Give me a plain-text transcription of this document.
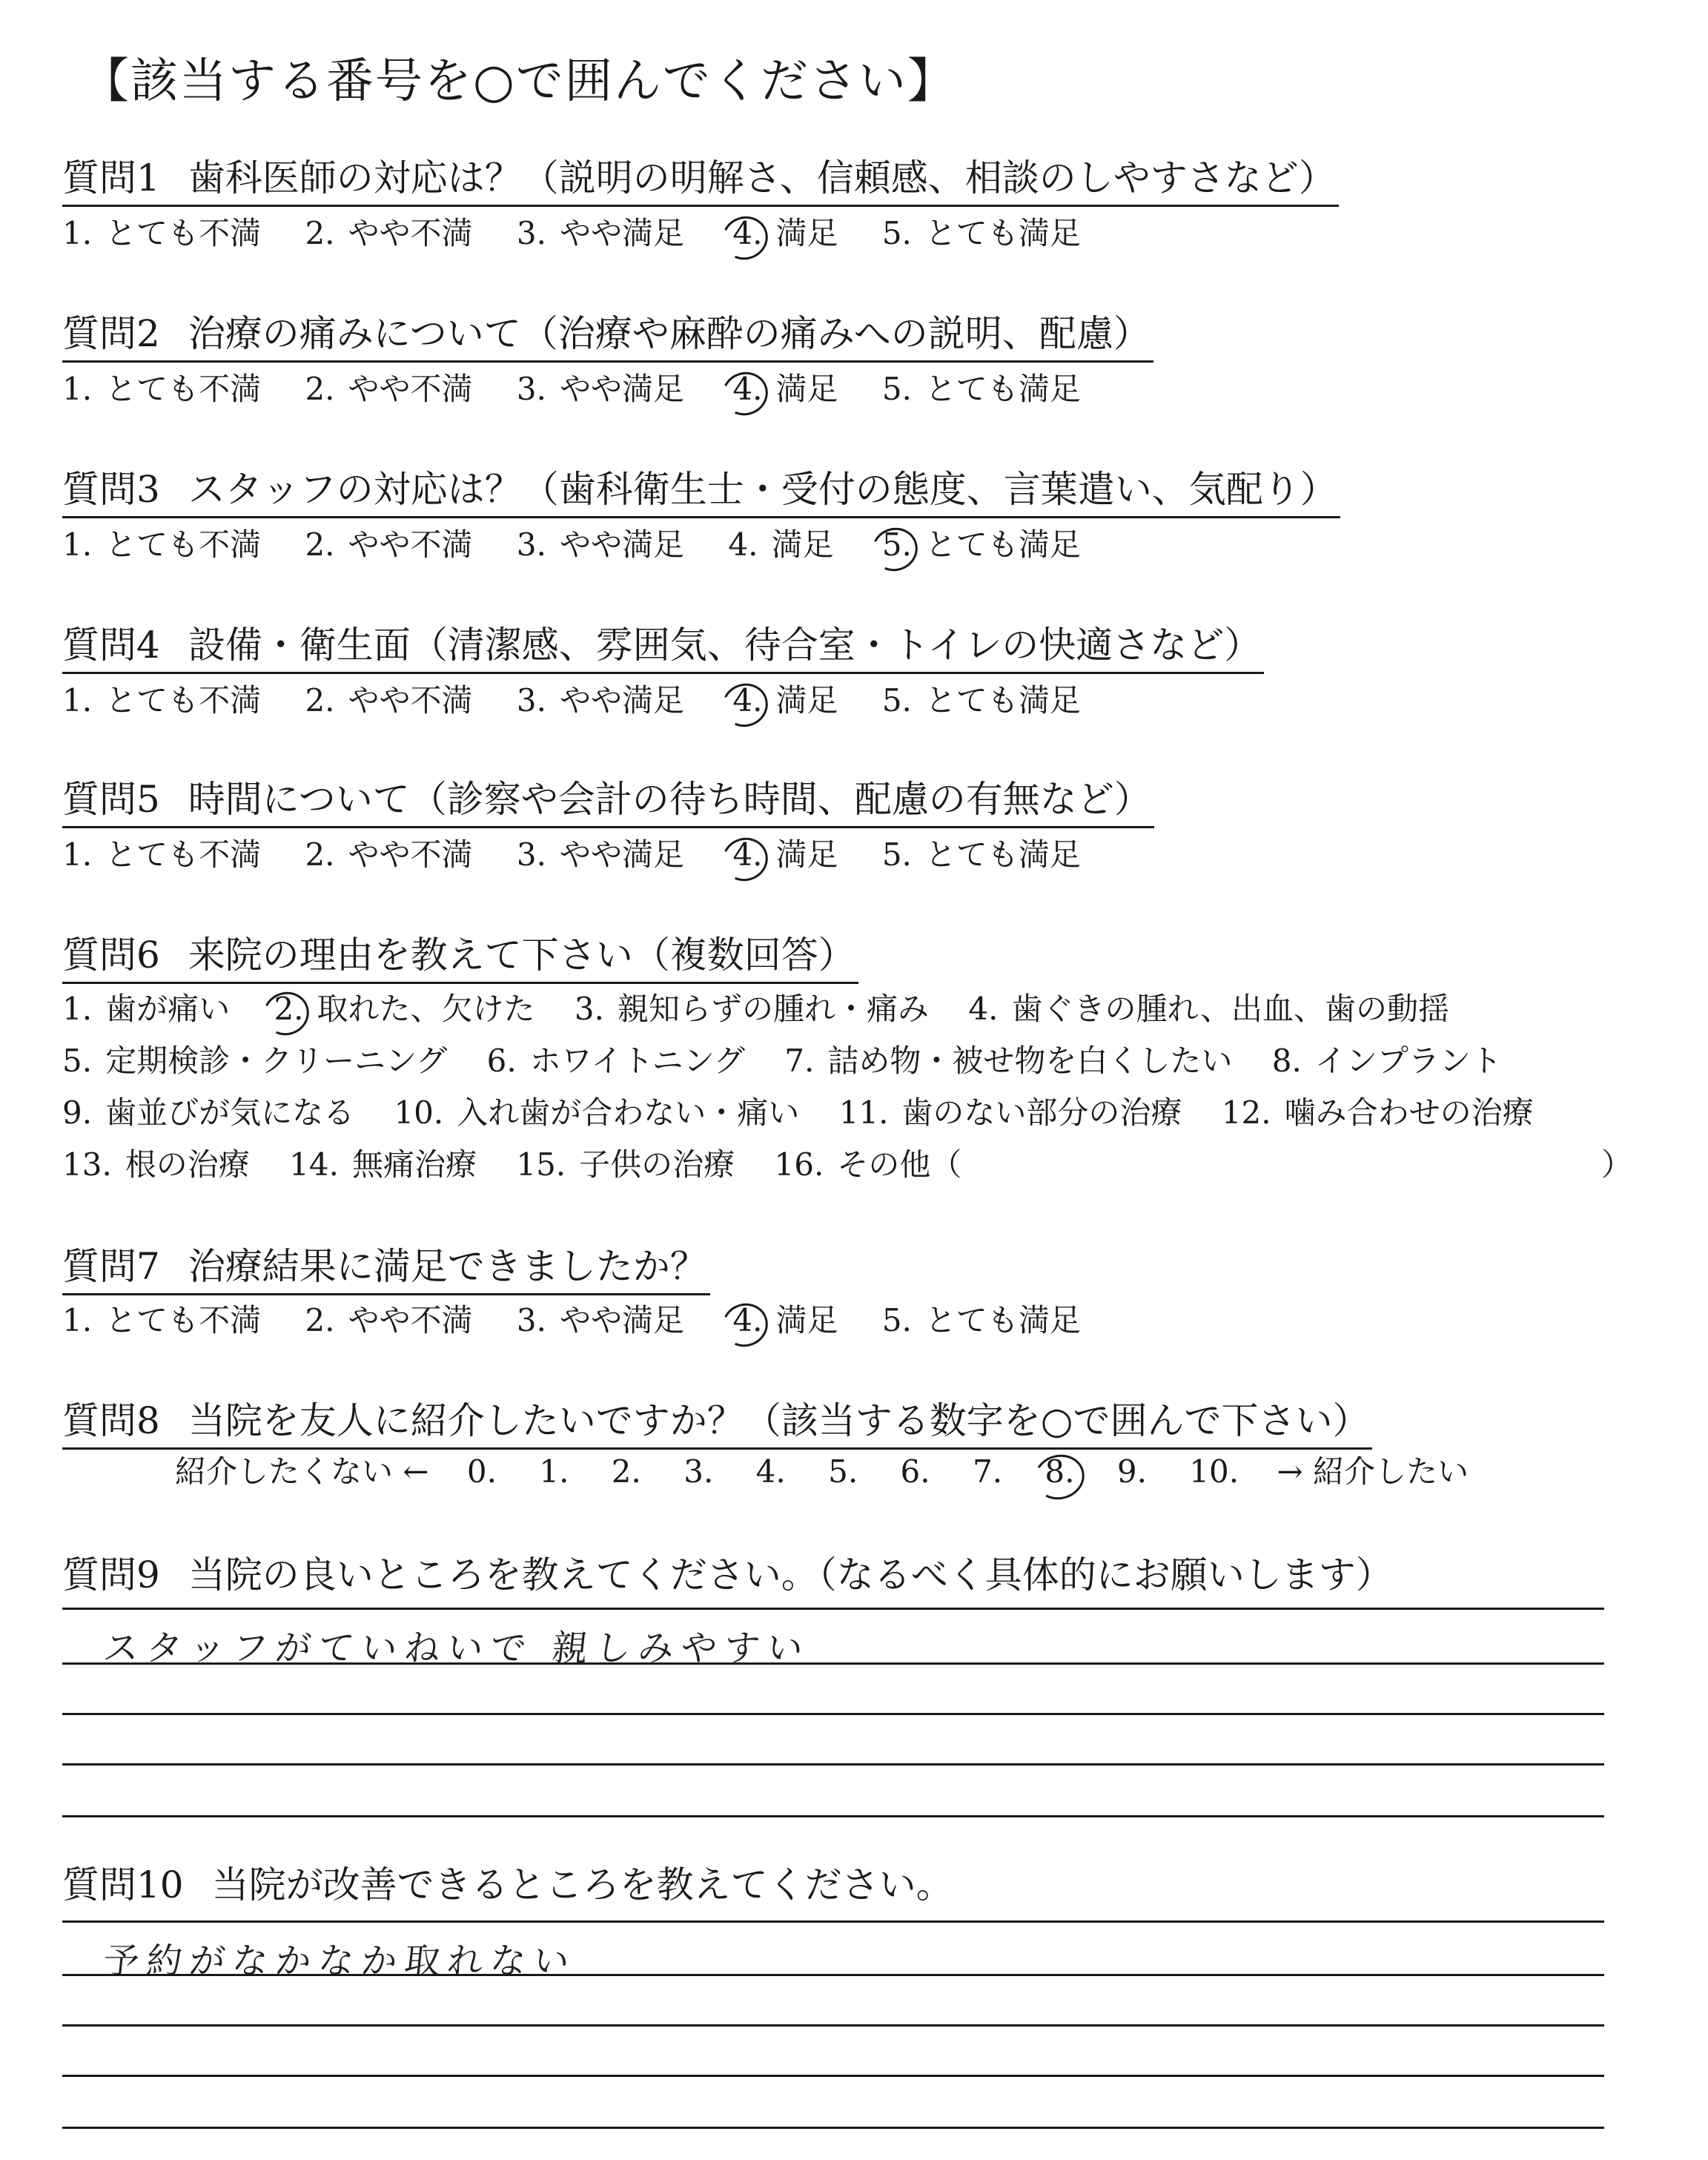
【該当する番号を○で囲んでください】
質問1 歯科医師の対応は？（説明の明解さ、信頼感、相談のしやすさなど）
1. とても不満 2. やや不満 3. やや満足 4. 満足 5. とても満足
質問2 治療の痛みについて（治療や麻酔の痛みへの説明、配慮）
1. とても不満 2. やや不満 3. やや満足 4. 満足 5. とても満足
質問3 スタッフの対応は？（歯科衛生士・受付の態度、言葉遣い、気配り）
1. とても不満 2. やや不満 3. やや満足 4. 満足 5. とても満足
質問4 設備・衛生面（清潔感、雰囲気、待合室・トイレの快適さなど）
1. とても不満 2. やや不満 3. やや満足 4. 満足 5. とても満足
質問5 時間について（診察や会計の待ち時間、配慮の有無など）
1. とても不満 2. やや不満 3. やや満足 4. 満足 5. とても満足
質問6 来院の理由を教えて下さい（複数回答）
1. 歯が痛い 2. 取れた、欠けた 3. 親知らずの腫れ・痛み 4. 歯ぐきの腫れ、出血、歯の動揺
5. 定期検診・クリーニング 6. ホワイトニング 7. 詰め物・被せ物を白くしたい 8. インプラント
9. 歯並びが気になる 10. 入れ歯が合わない・痛い 11. 歯のない部分の治療 12. 噛み合わせの治療
13. 根の治療 14. 無痛治療 15. 子供の治療 16. その他（	）
質問7 治療結果に満足できましたか？
1. とても不満 2. やや不満 3. やや満足 4. 満足 5. とても満足
質問8 当院を友人に紹介したいですか？（該当する数字を○で囲んで下さい）
紹介したくない ← 0. 1. 2. 3. 4. 5. 6. 7. 8. 9. 10. → 紹介したい
質問9 当院の良いところを教えてください。（なるべく具体的にお願いします）
スタッフがていねいで 親しみやすい
質問10 当院が改善できるところを教えてください。
予約がなかなか取れない
